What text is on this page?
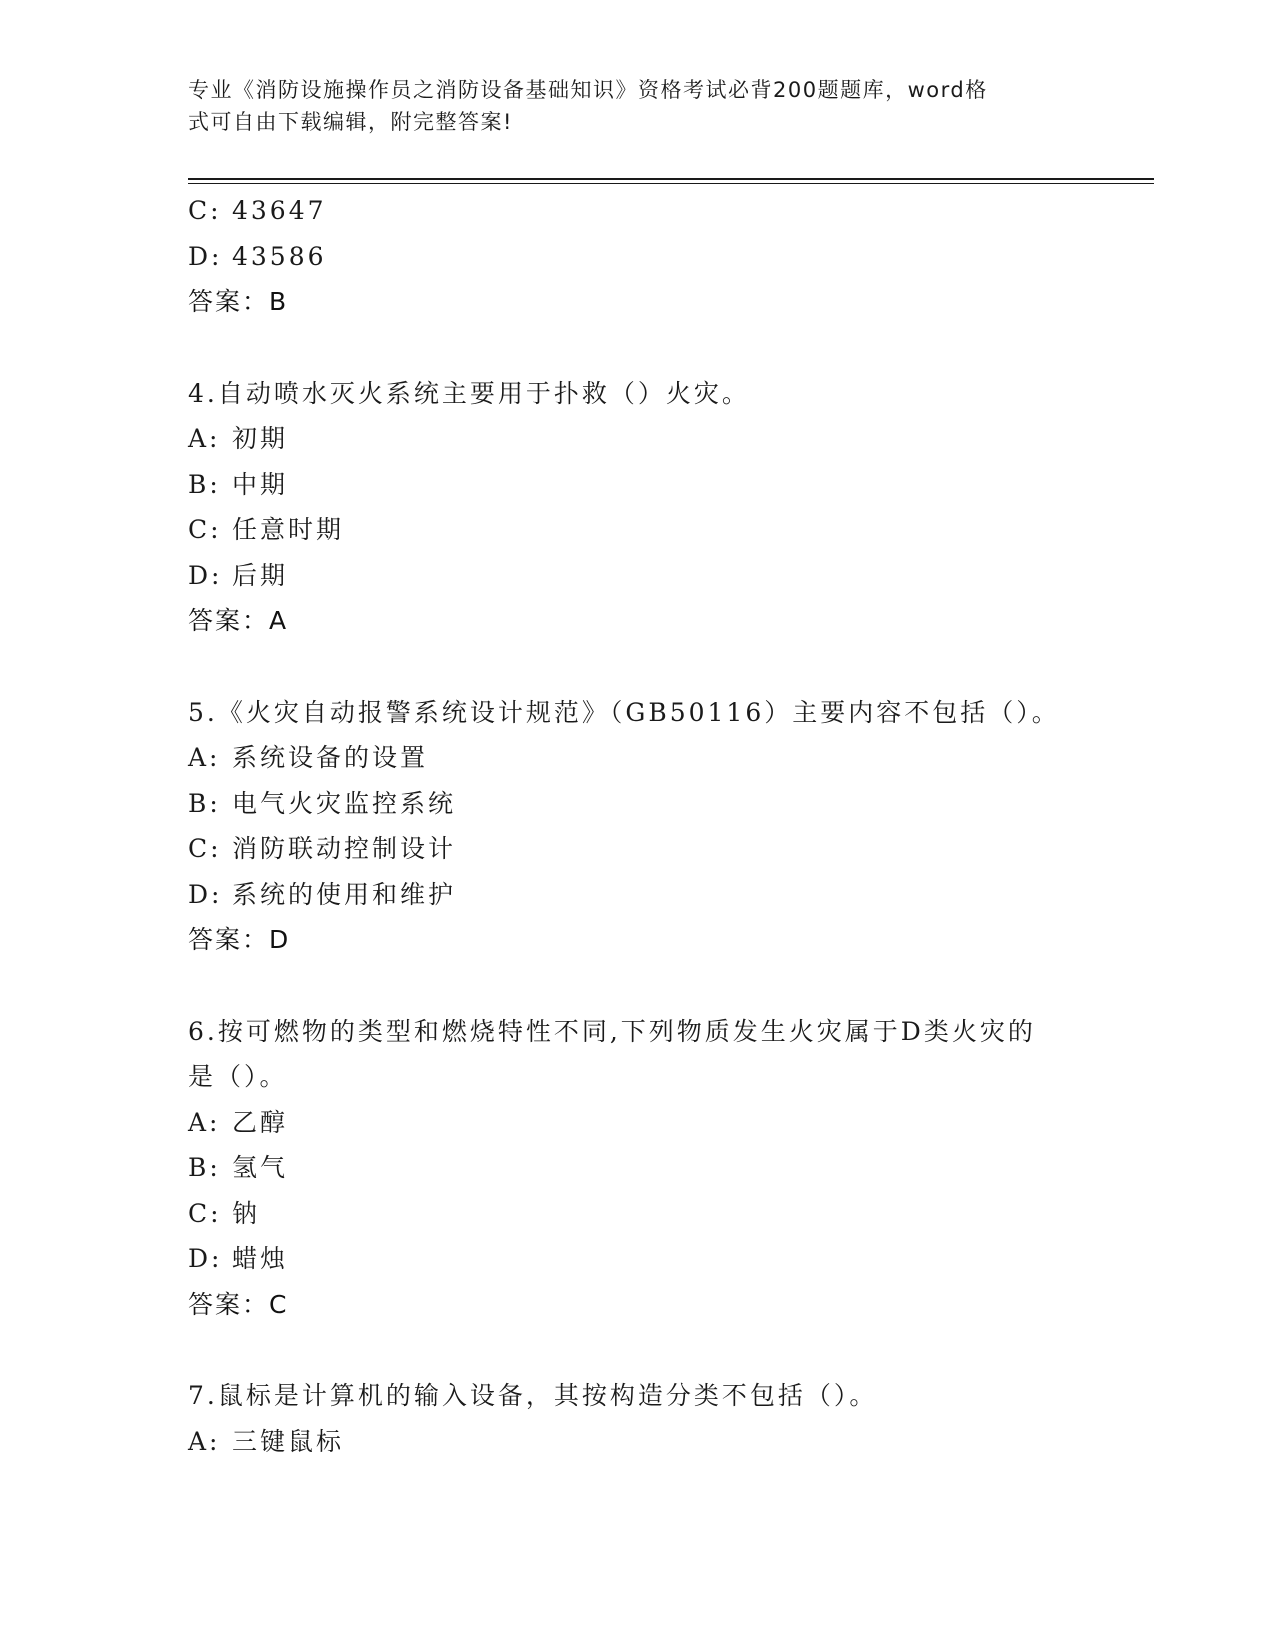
专业《消防设施操作员之消防设备基础知识》资格考试必背200题题库，word格
式可自由下载编辑，附完整答案!
C: 43647
D: 43586
答案：B
4.自动喷水灭火系统主要用于扑救（）火灾。
A: 初期
B: 中期
C: 任意时期
D: 后期
答案：A
5.《火灾自动报警系统设计规范》（GB50116）主要内容不包括（）。
A: 系统设备的设置
B: 电气火灾监控系统
C: 消防联动控制设计
D: 系统的使用和维护
答案：D
6.按可燃物的类型和燃烧特性不同,下列物质发生火灾属于D类火灾的
是（）。
A: 乙醇
B: 氢气
C: 钠
D: 蜡烛
答案：C
7.鼠标是计算机的输入设备，其按构造分类不包括（）。
A: 三键鼠标
